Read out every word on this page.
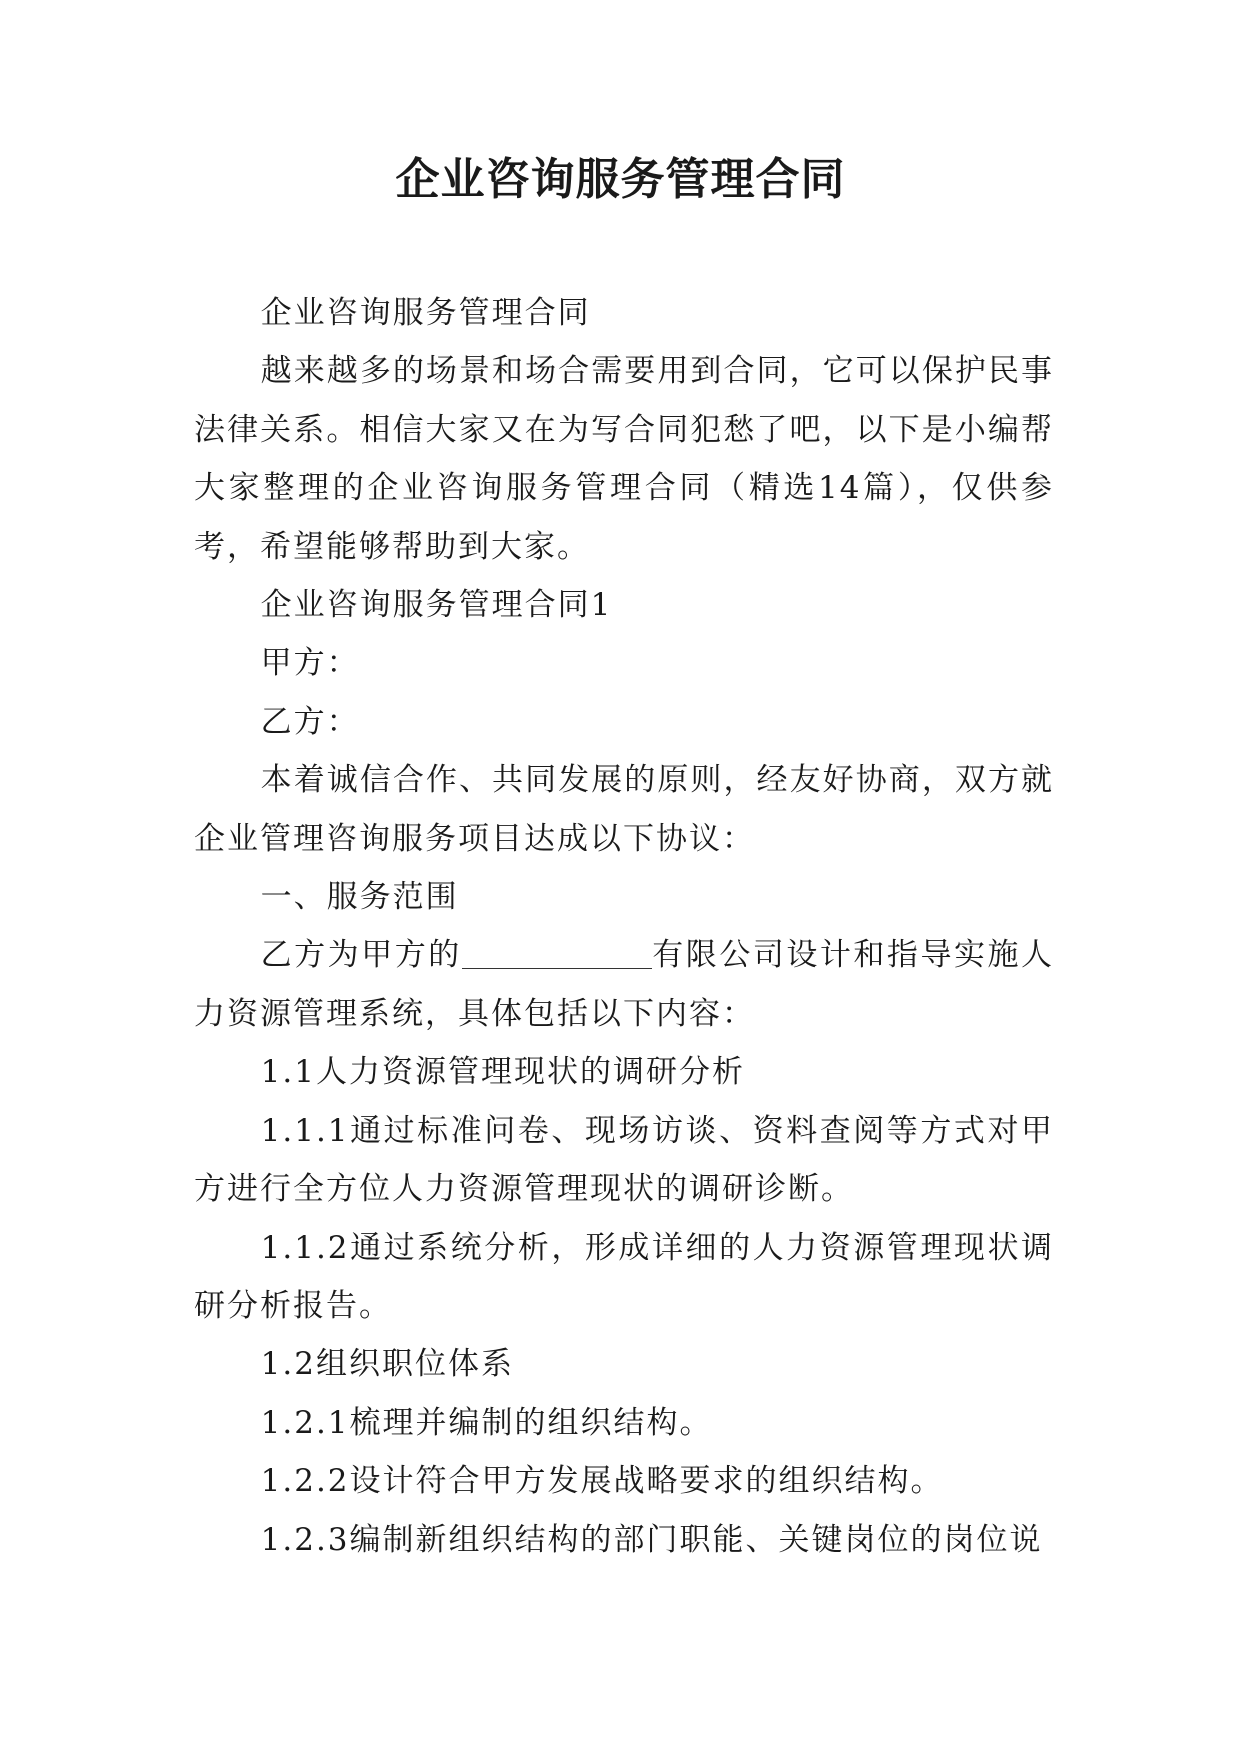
企业咨询服务管理合同

企业咨询服务管理合同

越来越多的场景和场合需要用到合同，它可以保护民事法律关系。相信大家又在为写合同犯愁了吧，以下是小编帮大家整理的企业咨询服务管理合同（精选14篇），仅供参考，希望能够帮助到大家。

企业咨询服务管理合同1

甲方：

乙方：

本着诚信合作、共同发展的原则，经友好协商，双方就企业管理咨询服务项目达成以下协议：

一、服务范围

乙方为甲方的	有限公司设计和指导实施人力资源管理系统，具体包括以下内容：

1.1人力资源管理现状的调研分析

1.1.1通过标准问卷、现场访谈、资料查阅等方式对甲方进行全方位人力资源管理现状的调研诊断。

1.1.2通过系统分析，形成详细的人力资源管理现状调研分析报告。

1.2组织职位体系

1.2.1梳理并编制的组织结构。

1.2.2设计符合甲方发展战略要求的组织结构。

1.2.3编制新组织结构的部门职能、关键岗位的岗位说
